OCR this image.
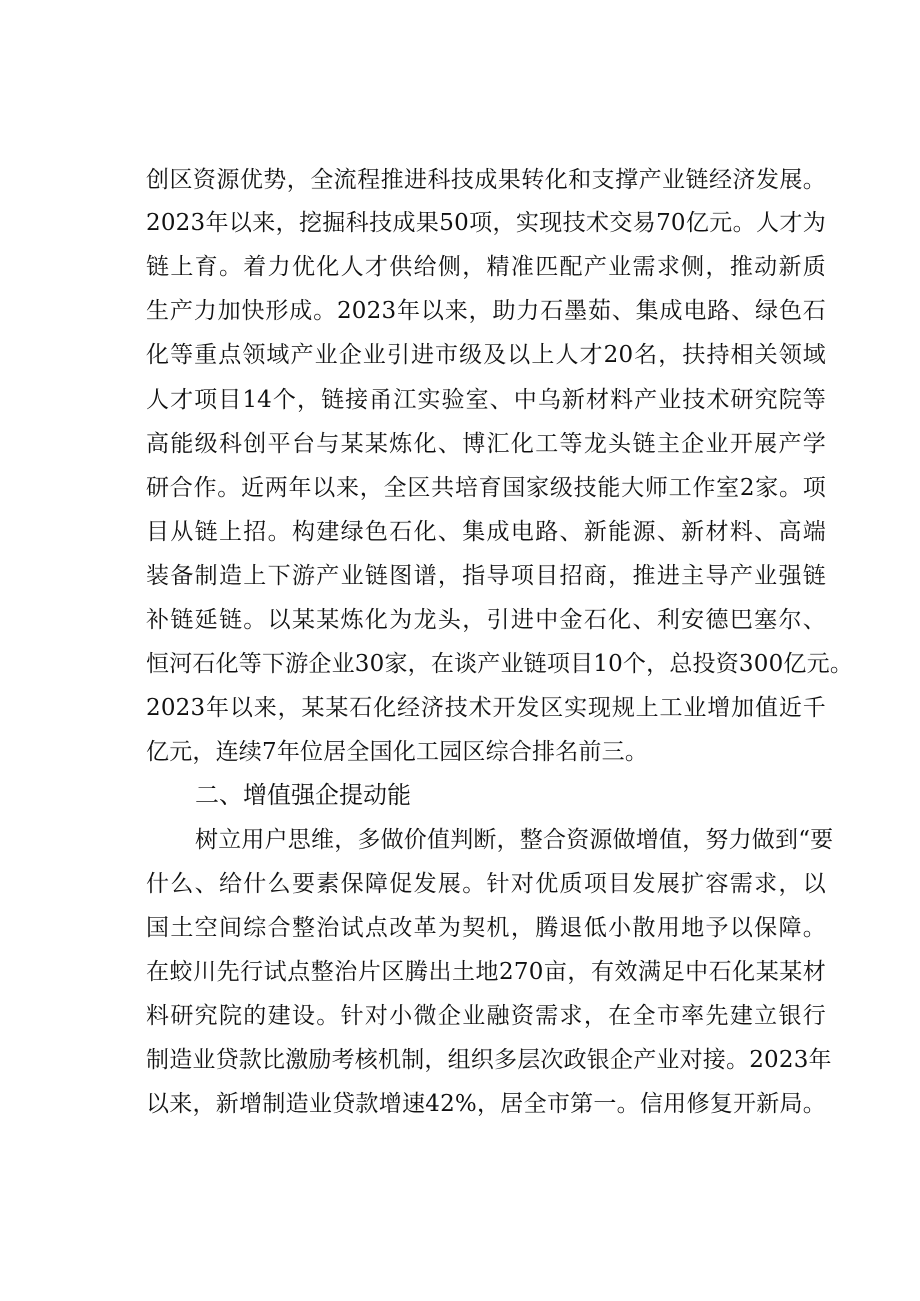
创区资源优势，全流程推进科技成果转化和支撑产业链经济发展。
2023年以来，挖掘科技成果50项，实现技术交易70亿元。人才为
链上育。着力优化人才供给侧，精准匹配产业需求侧，推动新质
生产力加快形成。2023年以来，助力石墨茹、集成电路、绿色石
化等重点领域产业企业引进市级及以上人才20名，扶持相关领域
人才项目14个，链接甬江实验室、中乌新材料产业技术研究院等
高能级科创平台与某某炼化、博汇化工等龙头链主企业开展产学
研合作。近两年以来，全区共培育国家级技能大师工作室2家。项
目从链上招。构建绿色石化、集成电路、新能源、新材料、高端
装备制造上下游产业链图谱，指导项目招商，推进主导产业强链
补链延链。以某某炼化为龙头，引进中金石化、利安德巴塞尔、
恒河石化等下游企业30家，在谈产业链项目10个，总投资300亿元。
2023年以来，某某石化经济技术开发区实现规上工业增加值近千
亿元，连续7年位居全国化工园区综合排名前三。
二、增值强企提动能
树立用户思维，多做价值判断，整合资源做增值，努力做到“要
什么、给什么要素保障促发展。针对优质项目发展扩容需求，以
国土空间综合整治试点改革为契机，腾退低小散用地予以保障。
在蛟川先行试点整治片区腾出土地270亩，有效满足中石化某某材
料研究院的建设。针对小微企业融资需求，在全市率先建立银行
制造业贷款比激励考核机制，组织多层次政银企产业对接。2023年
以来，新增制造业贷款增速42%，居全市第一。信用修复开新局。
